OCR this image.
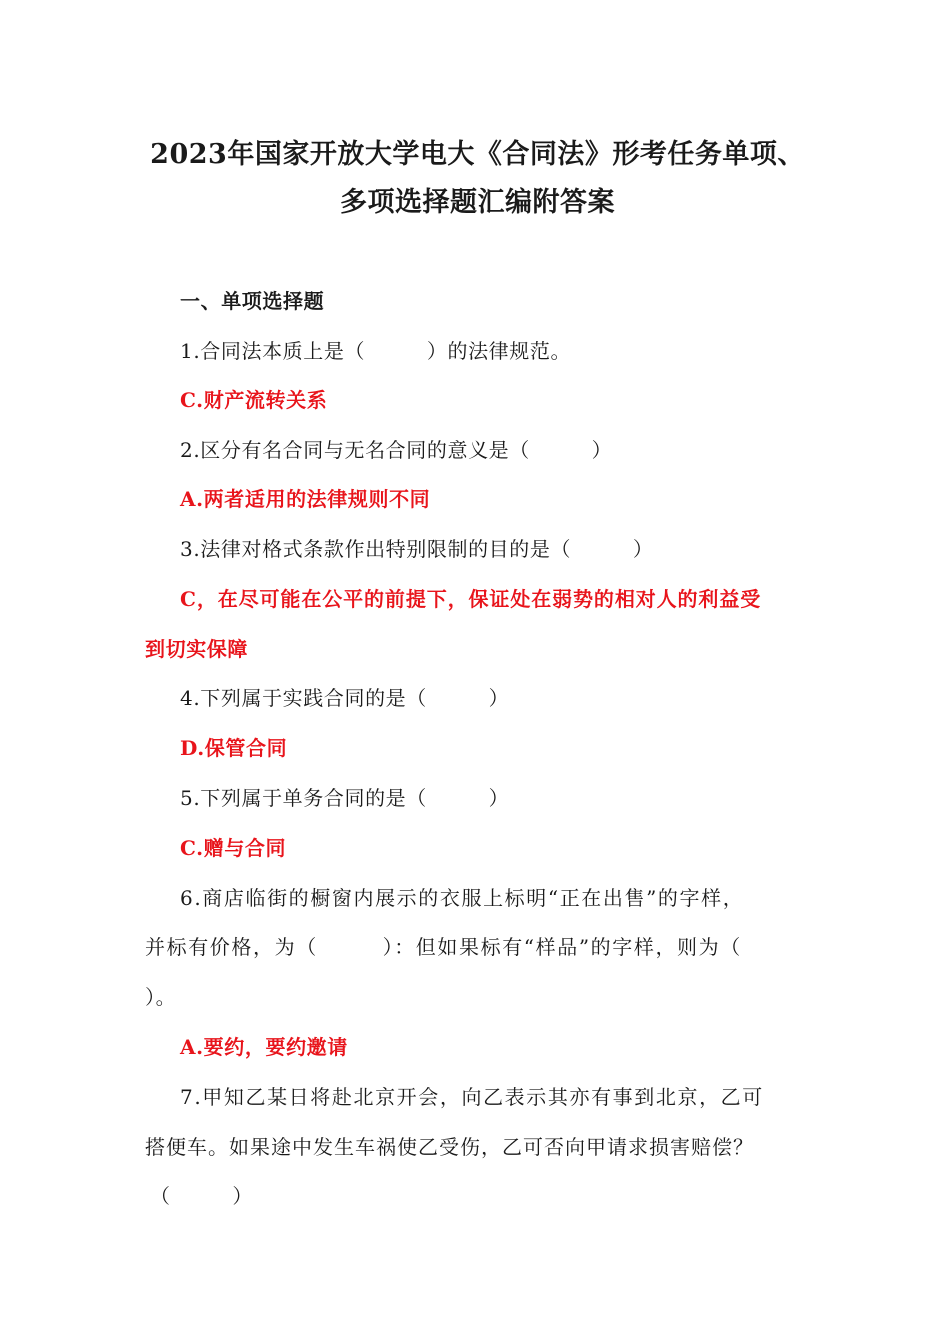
2023年国家开放大学电大《合同法》形考任务单项、
多项选择题汇编附答案
一、单项选择题
1.合同法本质上是（　　　）的法律规范。
C.财产流转关系
2.区分有名合同与无名合同的意义是（　　　）
A.两者适用的法律规则不同
3.法律对格式条款作出特别限制的目的是（　　　）
C，在尽可能在公平的前提下，保证处在弱势的相对人的利益受
到切实保障
4.下列属于实践合同的是（　　　）
D.保管合同
5.下列属于单务合同的是（　　　）
C.赠与合同
6.商店临街的橱窗内展示的衣服上标明“正在出售”的字样，
并标有价格，为（　　　）：但如果标有“样品”的字样，则为（
）。
A.要约，要约邀请
7.甲知乙某日将赴北京开会，向乙表示其亦有事到北京，乙可
搭便车。如果途中发生车祸使乙受伤，乙可否向甲请求损害赔偿？
（　　　）
